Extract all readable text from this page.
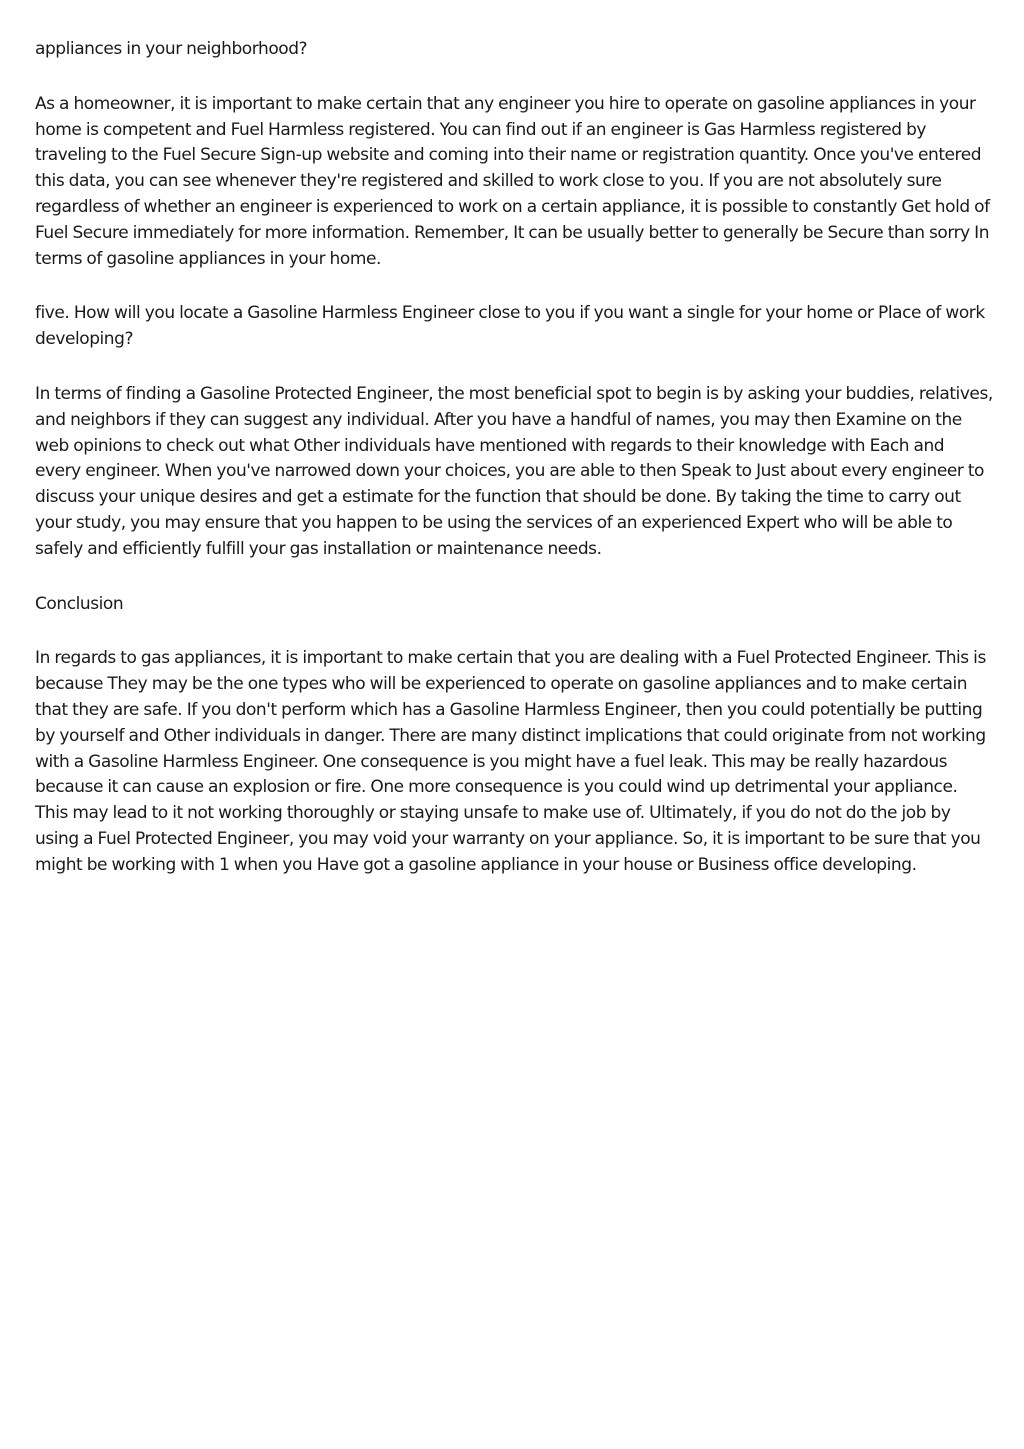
appliances in your neighborhood?

As a homeowner, it is important to make certain that any engineer you hire to operate on gasoline appliances in your home is competent and Fuel Harmless registered. You can find out if an engineer is Gas Harmless registered by traveling to the Fuel Secure Sign-up website and coming into their name or registration quantity. Once you've entered this data, you can see whenever they're registered and skilled to work close to you. If you are not absolutely sure regardless of whether an engineer is experienced to work on a certain appliance, it is possible to constantly Get hold of Fuel Secure immediately for more information. Remember, It can be usually better to generally be Secure than sorry In terms of gasoline appliances in your home.

five. How will you locate a Gasoline Harmless Engineer close to you if you want a single for your home or Place of work developing?

In terms of finding a Gasoline Protected Engineer, the most beneficial spot to begin is by asking your buddies, relatives, and neighbors if they can suggest any individual. After you have a handful of names, you may then Examine on the web opinions to check out what Other individuals have mentioned with regards to their knowledge with Each and every engineer. When you've narrowed down your choices, you are able to then Speak to Just about every engineer to discuss your unique desires and get a estimate for the function that should be done. By taking the time to carry out your study, you may ensure that you happen to be using the services of an experienced Expert who will be able to safely and efficiently fulfill your gas installation or maintenance needs.

Conclusion

In regards to gas appliances, it is important to make certain that you are dealing with a Fuel Protected Engineer. This is because They may be the one types who will be experienced to operate on gasoline appliances and to make certain that they are safe. If you don't perform which has a Gasoline Harmless Engineer, then you could potentially be putting by yourself and Other individuals in danger. There are many distinct implications that could originate from not working with a Gasoline Harmless Engineer. One consequence is you might have a fuel leak. This may be really hazardous because it can cause an explosion or fire. One more consequence is you could wind up detrimental your appliance. This may lead to it not working thoroughly or staying unsafe to make use of. Ultimately, if you do not do the job by using a Fuel Protected Engineer, you may void your warranty on your appliance. So, it is important to be sure that you might be working with 1 when you Have got a gasoline appliance in your house or Business office developing.
